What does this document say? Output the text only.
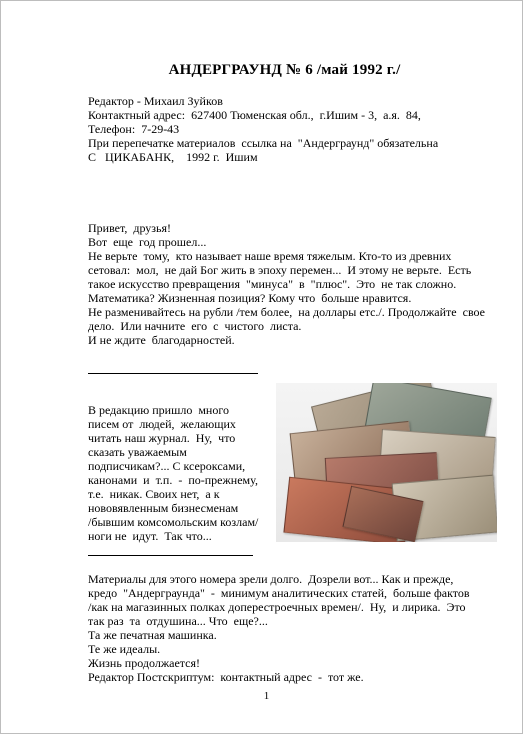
АНДЕРГРАУНД № 6 /май 1992 г./

Редактор - Михаил Зуйков

Контактный адрес:  627400 Тюменская обл.,  г.Ишим - 3,  а.я.  84,

Телефон:  7-29-43

При перепечатке материалов  ссылка на  "Андерграунд" обязательна

С   ЦИКАБАНК,    1992 г.  Ишим

Привет,  друзья!

Вот  еще  год прошел...

Не верьте  тому,  кто называет наше время тяжелым. Кто-то из древних

сетовал:  мол,  не дай Бог жить в эпоху перемен...  И этому не верьте.  Есть

такое искусство превращения  "минуса"  в  "плюс".  Это  не так сложно.

Математика? Жизненная позиция? Кому что  больше нравится.

Не разменивайтесь на рубли /тем более,  на доллары етс./. Продолжайте  свое

дело.  Или начните  его  с  чистого  листа.

И не ждите  благодарностей.

В редакцию пришло  много

писем от  людей,  желающих

читать наш журнал.  Ну,  что

сказать уважаемым

подписчикам?... С ксероксами,

канонами  и  т.п.  -  по-прежнему,

т.е.  никак. Своих нет,  а к

нововявленным бизнесменам

/бывшим комсомольским козлам/

ноги не  идут.  Так что...

Материалы для этого номера зрели долго.  Дозрели вот... Как и прежде,

кредо  "Андерграунда"  -  минимум аналитических статей,  больше фактов

/как на магазинных полках доперестроечных времен/.  Ну,  и лирика.  Это

так раз  та  отдушина... Что  еще?...

Та же печатная машинка.

Те же идеалы.

Жизнь продолжается!

Редактор Постскриптум:  контактный адрес  -  тот же.

1
